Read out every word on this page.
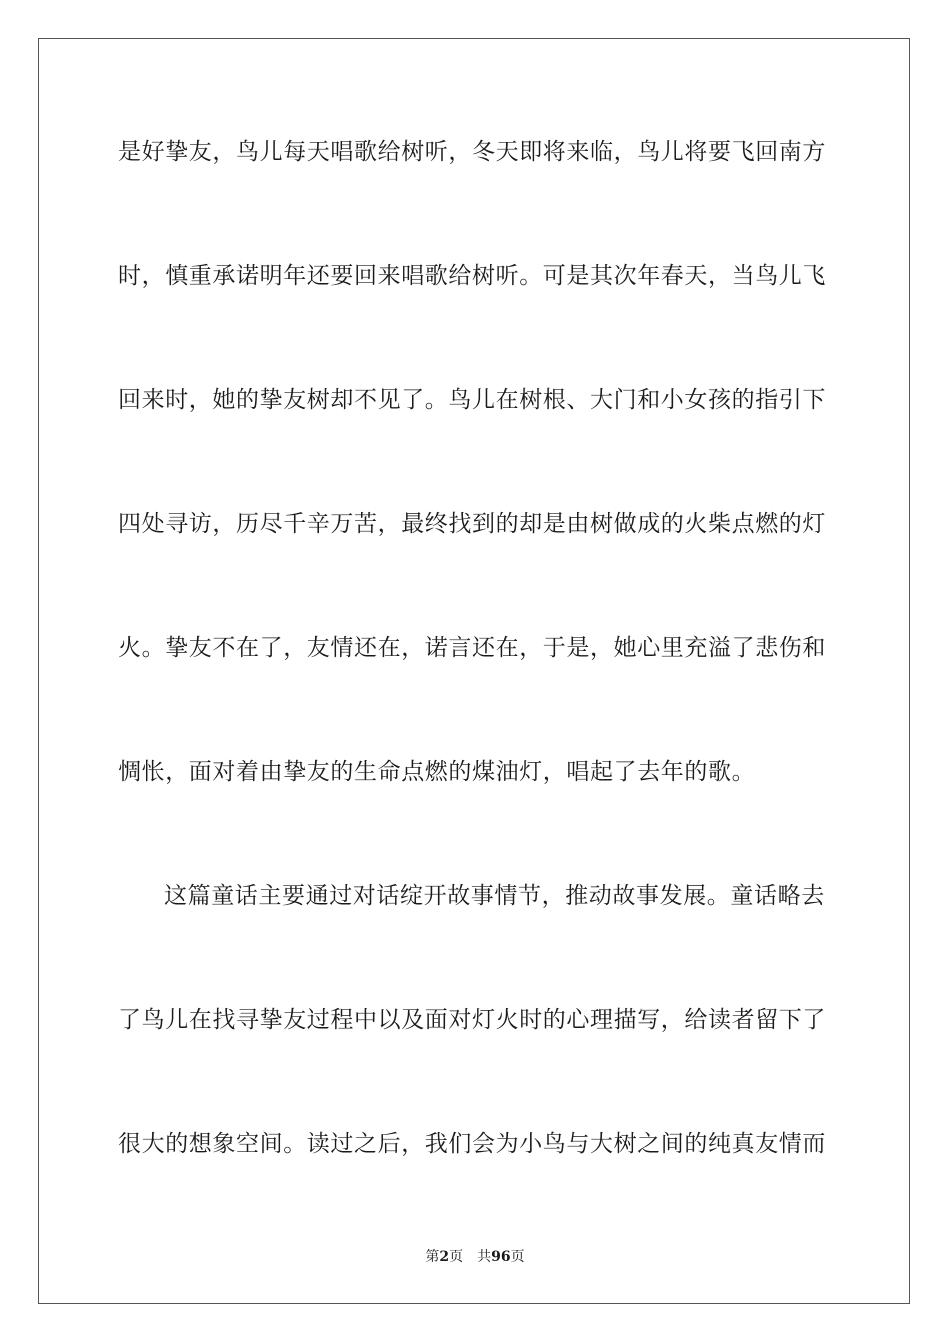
是好挚友，鸟儿每天唱歌给树听，冬天即将来临，鸟儿将要飞回南方
时，慎重承诺明年还要回来唱歌给树听。可是其次年春天，当鸟儿飞
回来时，她的挚友树却不见了。鸟儿在树根、大门和小女孩的指引下
四处寻访，历尽千辛万苦，最终找到的却是由树做成的火柴点燃的灯
火。挚友不在了，友情还在，诺言还在，于是，她心里充溢了悲伤和
惆怅，面对着由挚友的生命点燃的煤油灯，唱起了去年的歌。
这篇童话主要通过对话绽开故事情节，推动故事发展。童话略去
了鸟儿在找寻挚友过程中以及面对灯火时的心理描写，给读者留下了
很大的想象空间。读过之后，我们会为小鸟与大树之间的纯真友情而
第2页 共96页
